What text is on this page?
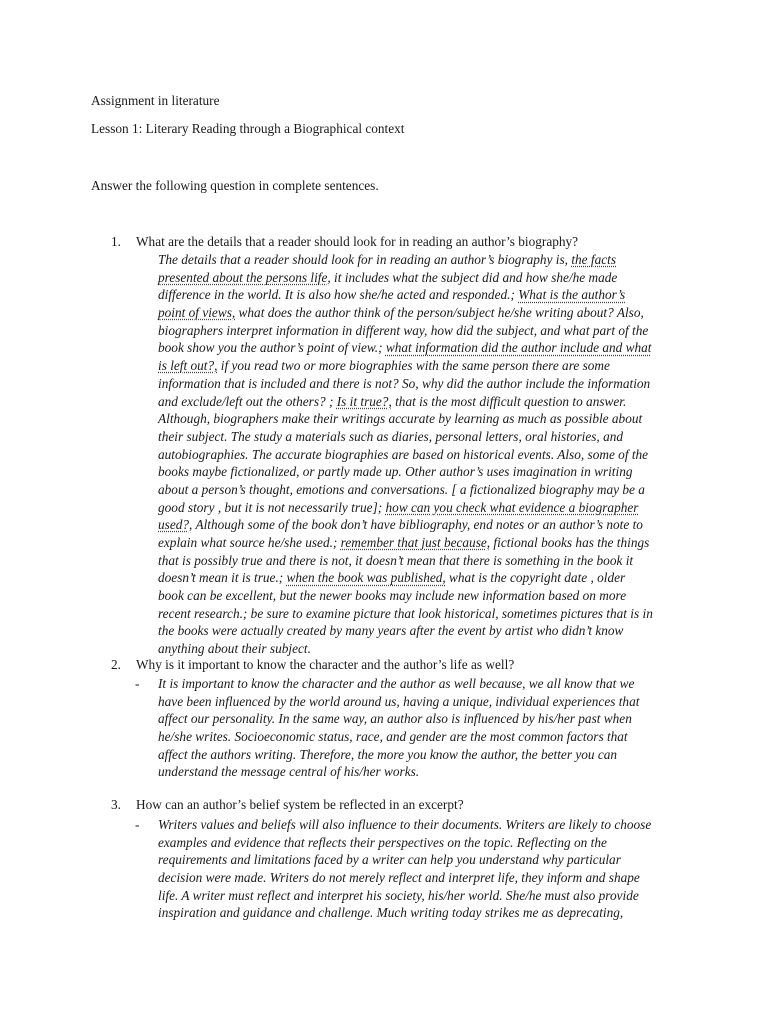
Assignment in literature
Lesson 1: Literary Reading through a Biographical context
Answer the following question in complete sentences.
1. What are the details that a reader should look for in reading an author’s biography?
The details that a reader should look for in reading an author’s biography is, the facts
presented about the persons life, it includes what the subject did and how she/he made
difference in the world. It is also how she/he acted and responded.; What is the author’s
point of views, what does the author think of the person/subject he/she writing about? Also,
biographers interpret information in different way, how did the subject, and what part of the
book show you the author’s point of view.; what information did the author include and what
is left out?, if you read two or more biographies with the same person there are some
information that is included and there is not? So, why did the author include the information
and exclude/left out the others? ; Is it true?, that is the most difficult question to answer.
Although, biographers make their writings accurate by learning as much as possible about
their subject. The study a materials such as diaries, personal letters, oral histories, and
autobiographies. The accurate biographies are based on historical events. Also, some of the
books maybe fictionalized, or partly made up. Other author’s uses imagination in writing
about a person’s thought, emotions and conversations. [ a fictionalized biography may be a
good story , but it is not necessarily true]; how can you check what evidence a biographer
used?, Although some of the book don’t have bibliography, end notes or an author’s note to
explain what source he/she used.; remember that just because, fictional books has the things
that is possibly true and there is not, it doesn’t mean that there is something in the book it
doesn’t mean it is true.; when the book was published, what is the copyright date , older
book can be excellent, but the newer books may include new information based on more
recent research.; be sure to examine picture that look historical, sometimes pictures that is in
the books were actually created by many years after the event by artist who didn’t know
anything about their subject.
2. Why is it important to know the character and the author’s life as well?
- It is important to know the character and the author as well because, we all know that we
have been influenced by the world around us, having a unique, individual experiences that
affect our personality. In the same way, an author also is influenced by his/her past when
he/she writes. Socioeconomic status, race, and gender are the most common factors that
affect the authors writing. Therefore, the more you know the author, the better you can
understand the message central of his/her works.
3. How can an author’s belief system be reflected in an excerpt?
- Writers values and beliefs will also influence to their documents. Writers are likely to choose
examples and evidence that reflects their perspectives on the topic. Reflecting on the
requirements and limitations faced by a writer can help you understand why particular
decision were made. Writers do not merely reflect and interpret life, they inform and shape
life. A writer must reflect and interpret his society, his/her world. She/he must also provide
inspiration and guidance and challenge. Much writing today strikes me as deprecating,
